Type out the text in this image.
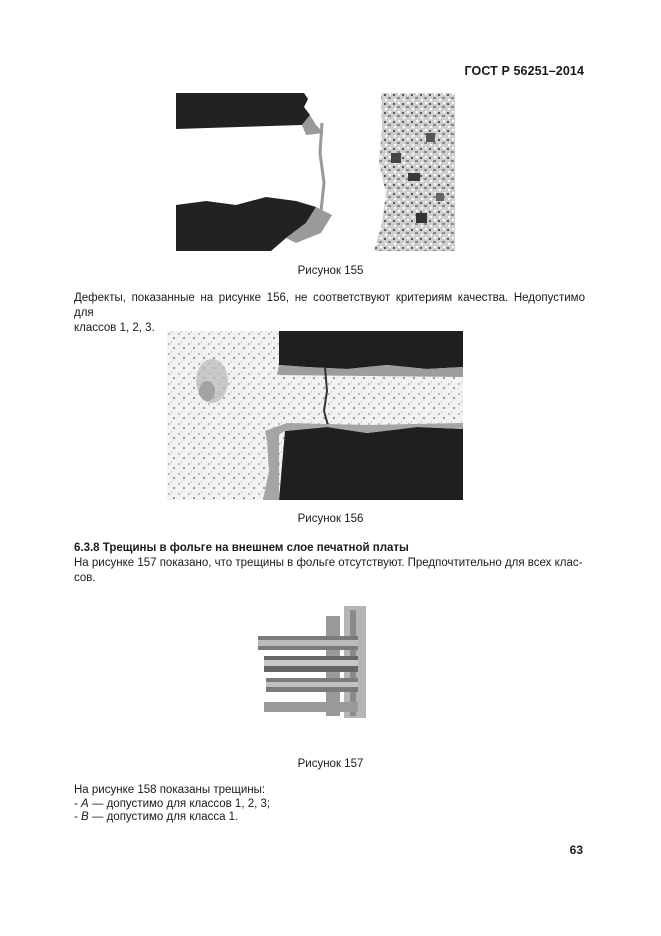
ГОСТ Р 56251–2014
Рисунок 155
Дефекты, показанные на рисунке 156, не соответствуют критериям качества. Недопустимо для
классов 1, 2, 3.
Рисунок 156
6.3.8 Трещины в фольге на внешнем слое печатной платы
На рисунке 157 показано, что трещины в фольге отсутствуют. Предпочтительно для всех клас-
сов.
Рисунок 157
На рисунке 158 показаны трещины:
- А — допустимо для классов 1, 2, 3;
- В — допустимо для класса 1.
63
